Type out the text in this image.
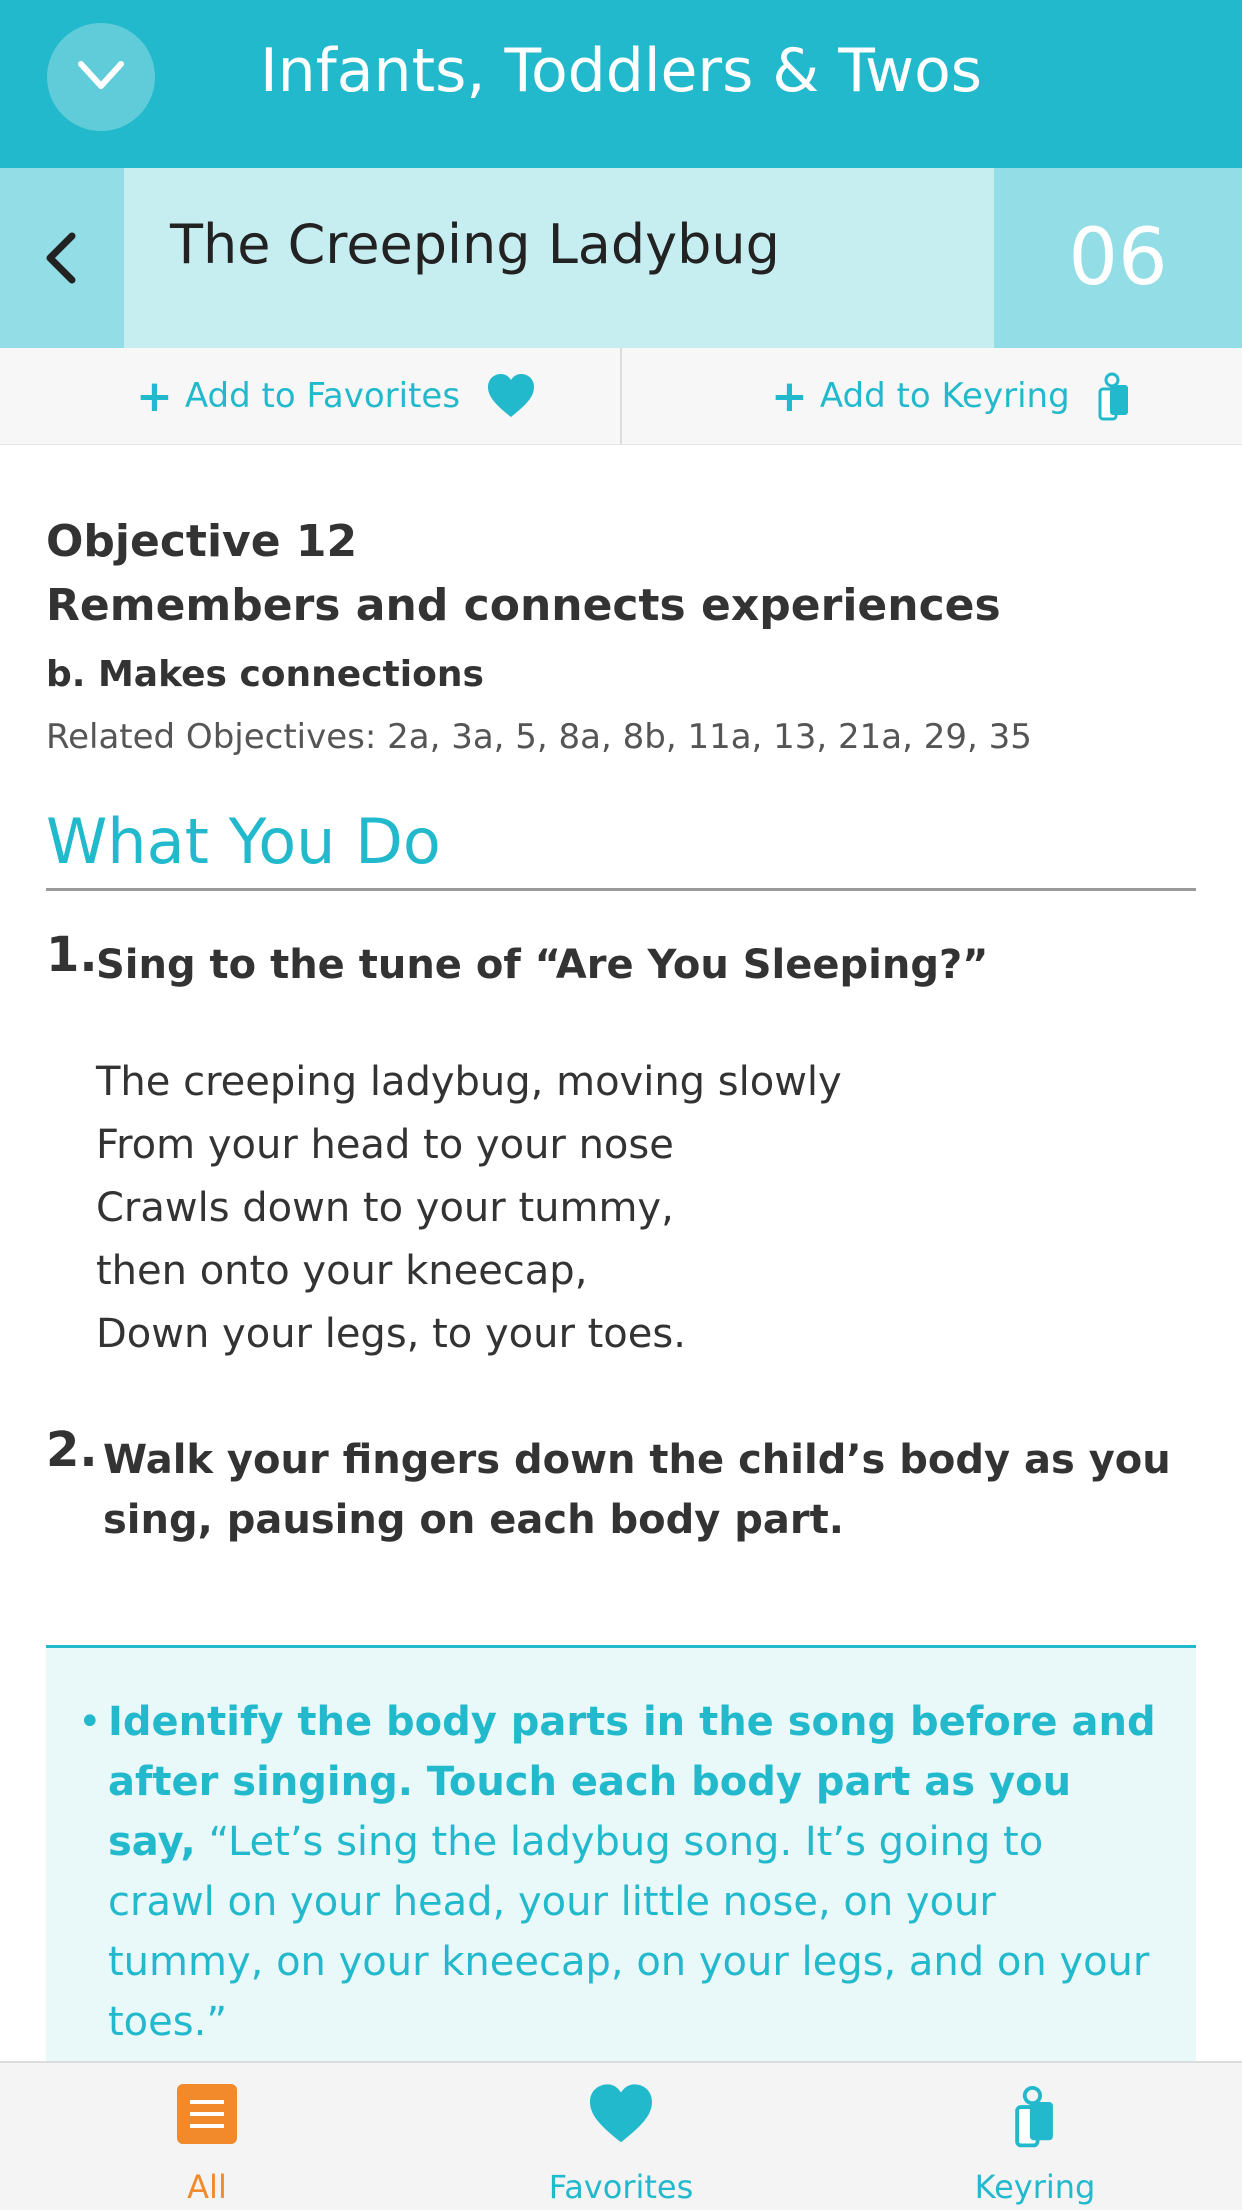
Infants, Toddlers & Twos
The Creeping Ladybug	06
+ Add to Favorites	+ Add to Keyring
Objective 12
Remembers and connects experiences
b. Makes connections
Related Objectives: 2a, 3a, 5, 8a, 8b, 11a, 13, 21a, 29, 35
What You Do
1.
Sing to the tune of “Are You Sleeping?”
The creeping ladybug, moving slowly
From your head to your nose
Crawls down to your tummy,
then onto your kneecap,
Down your legs, to your toes.
2. Walk your fingers down the child’s body as you sing, pausing on each body part.
• Identify the body parts in the song before and after singing. Touch each body part as you say, “Let’s sing the ladybug song. It’s going to crawl on your head, your little nose, on your tummy, on your kneecap, on your legs, and on your toes.”
All	Favorites	Keyring
